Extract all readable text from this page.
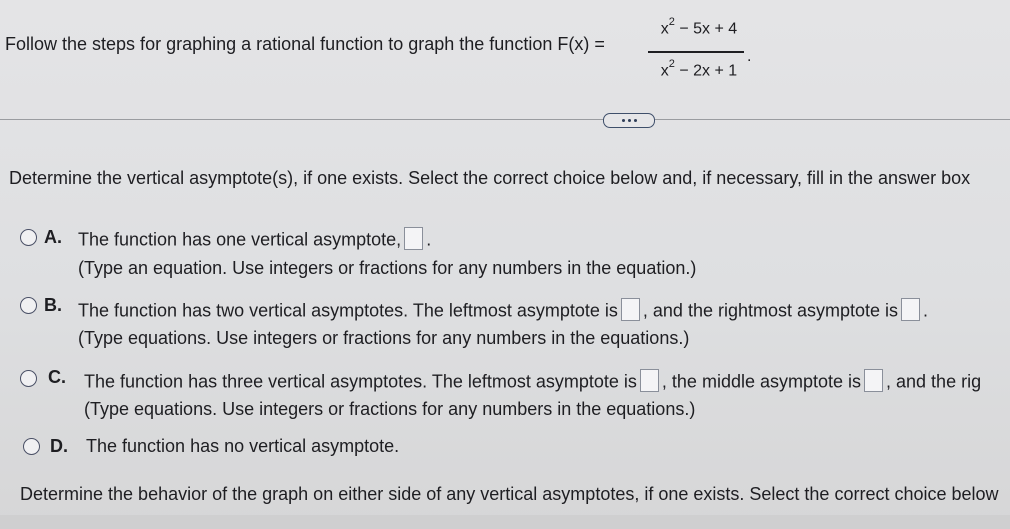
Follow the steps for graphing a rational function to graph the function F(x) =
$x^2 - 5x + 4$
$x^2 - 2x + 1$
.
Determine the vertical asymptote(s), if one exists. Select the correct choice below and, if necessary, fill in the answer box
A. The function has one vertical asymptote, .
(Type an equation. Use integers or fractions for any numbers in the equation.)
B. The function has two vertical asymptotes. The leftmost asymptote is , and the rightmost asymptote is .
(Type equations. Use integers or fractions for any numbers in the equations.)
C. The function has three vertical asymptotes. The leftmost asymptote is , the middle asymptote is , and the rig
(Type equations. Use integers or fractions for any numbers in the equations.)
D. The function has no vertical asymptote.
Determine the behavior of the graph on either side of any vertical asymptotes, if one exists. Select the correct choice below
